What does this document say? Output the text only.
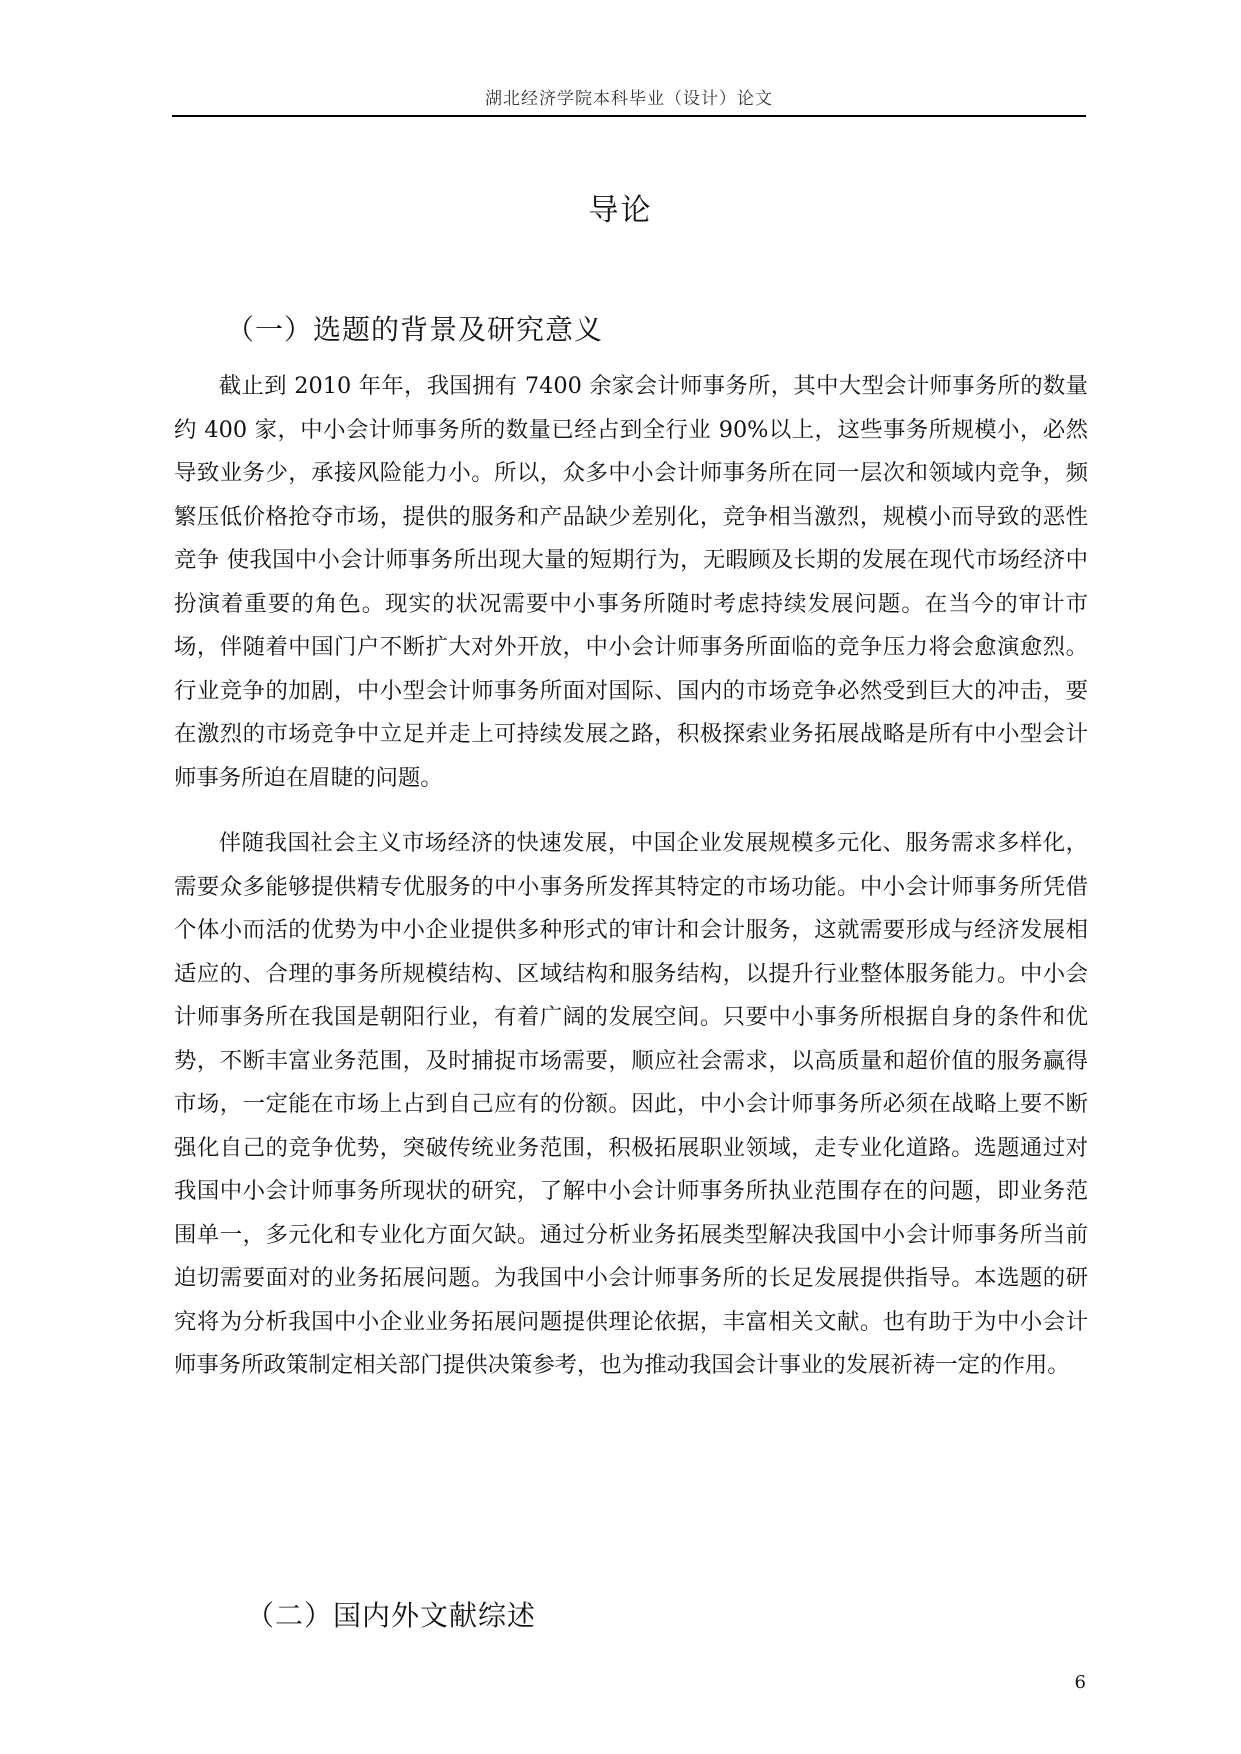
湖北经济学院本科毕业（设计）论文
导论
（一）选题的背景及研究意义

截止到 2010 年年，我国拥有 7400 余家会计师事务所，其中大型会计师事务所的数量约 400 家，中小会计师事务所的数量已经占到全行业 90%以上，这些事务所规模小，必然导致业务少，承接风险能力小。所以，众多中小会计师事务所在同一层次和领域内竞争，频繁压低价格抢夺市场，提供的服务和产品缺少差别化，竞争相当激烈，规模小而导致的恶性竞争 使我国中小会计师事务所出现大量的短期行为，无暇顾及长期的发展在现代市场经济中扮演着重要的角色。现实的状况需要中小事务所随时考虑持续发展问题。在当今的审计市场，伴随着中国门户不断扩大对外开放，中小会计师事务所面临的竞争压力将会愈演愈烈。行业竞争的加剧，中小型会计师事务所面对国际、国内的市场竞争必然受到巨大的冲击，要在激烈的市场竞争中立足并走上可持续发展之路，积极探索业务拓展战略是所有中小型会计师事务所迫在眉睫的问题。

伴随我国社会主义市场经济的快速发展，中国企业发展规模多元化、服务需求多样化，需要众多能够提供精专优服务的中小事务所发挥其特定的市场功能。中小会计师事务所凭借个体小而活的优势为中小企业提供多种形式的审计和会计服务，这就需要形成与经济发展相适应的、合理的事务所规模结构、区域结构和服务结构，以提升行业整体服务能力。中小会计师事务所在我国是朝阳行业，有着广阔的发展空间。只要中小事务所根据自身的条件和优势，不断丰富业务范围，及时捕捉市场需要，顺应社会需求，以高质量和超价值的服务赢得市场，一定能在市场上占到自己应有的份额。因此，中小会计师事务所必须在战略上要不断强化自己的竞争优势，突破传统业务范围，积极拓展职业领域，走专业化道路。选题通过对我国中小会计师事务所现状的研究，了解中小会计师事务所执业范围存在的问题，即业务范围单一，多元化和专业化方面欠缺。通过分析业务拓展类型解决我国中小会计师事务所当前迫切需要面对的业务拓展问题。为我国中小会计师事务所的长足发展提供指导。本选题的研究将为分析我国中小企业业务拓展问题提供理论依据，丰富相关文献。也有助于为中小会计师事务所政策制定相关部门提供决策参考，也为推动我国会计事业的发展祈祷一定的作用。

（二）国内外文献综述
6
